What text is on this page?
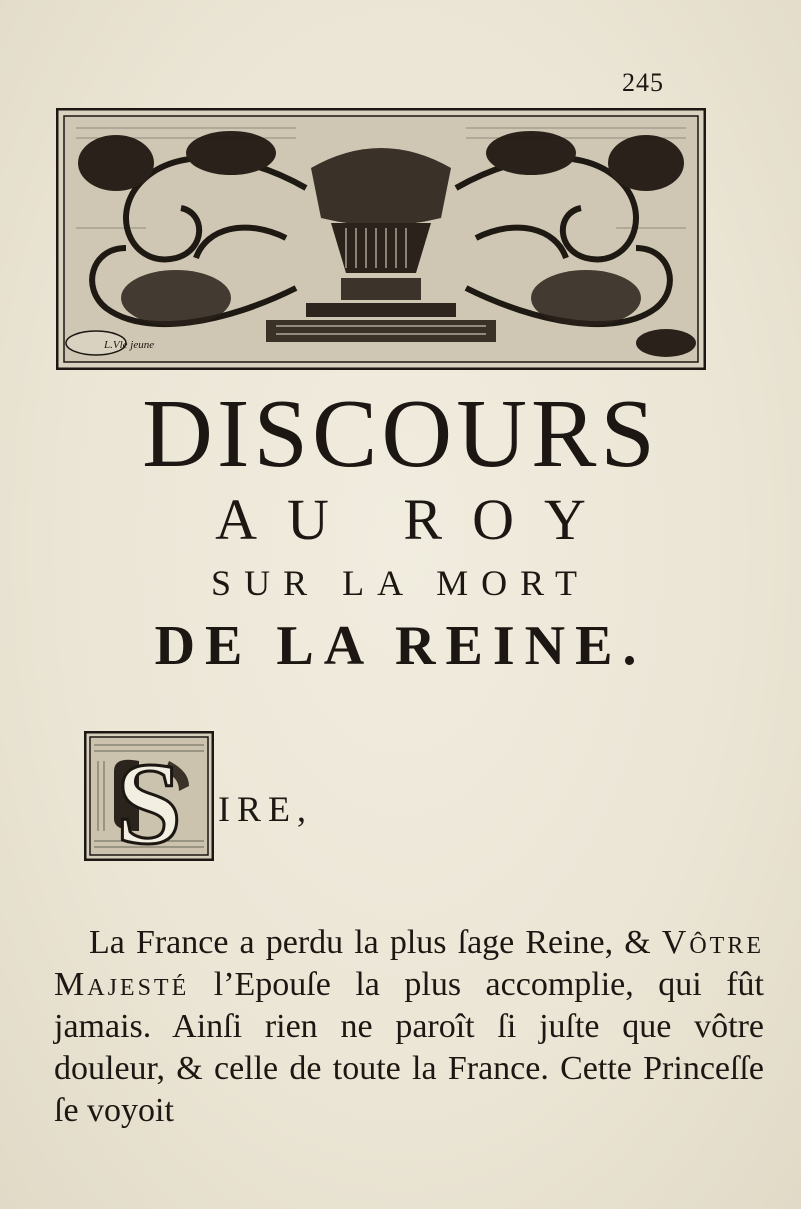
245
L.Vle jeune
DISCOURS
AU ROY
SUR LA MORT
DE LA REINE.
S IRE,

La France a perdu la plus ſage Reine, & Vôtre Majesté l’Epouſe la plus accomplie, qui fût jamais. Ainſi rien ne paroît ſi juſte que vôtre douleur, & celle de toute la France. Cette Princeſſe ſe voyoit
